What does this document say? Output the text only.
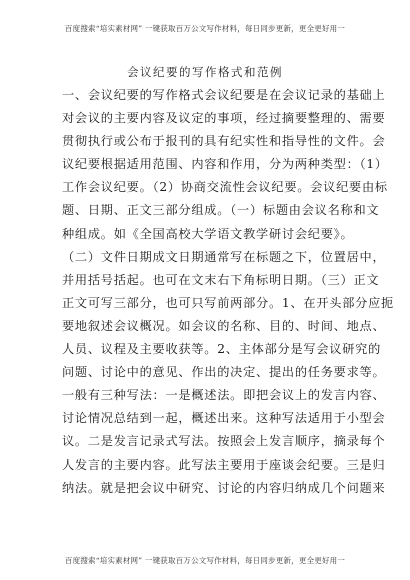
百度搜索“培实素材网” 一键获取百万公文写作材料，每日同步更新，更全更好用一
会议纪要的写作格式和范例
一、会议纪要的写作格式会议纪要是在会议记录的基础上
对会议的主要内容及议定的事项，经过摘要整理的、需要
贯彻执行或公布于报刊的具有纪实性和指导性的文件。会
议纪要根据适用范围、内容和作用，分为两种类型：（1）
工作会议纪要。（2）协商交流性会议纪要。会议纪要由标
题、日期、正文三部分组成。（一）标题由会议名称和文
种组成。如《全国高校大学语文教学研讨会纪要》。
（二）文件日期成文日期通常写在标题之下，位置居中，
并用括号括起。也可在文末右下角标明日期。（三）正文
正文可写三部分，也可只写前两部分。1、在开头部分应扼
要地叙述会议概况。如会议的名称、目的、时间、地点、
人员、议程及主要收获等。2、主体部分是写会议研究的
问题、讨论中的意见、作出的决定、提出的任务要求等。
一般有三种写法：一是概述法。即把会议上的发言内容、
讨论情况总结到一起，概述出来。这种写法适用于小型会
议。二是发言记录式写法。按照会上发言顺序，摘录每个
人发言的主要内容。此写法主要用于座谈会纪要。三是归
纳法。就是把会议中研究、讨论的内容归纳成几个问题来
百度搜索“培实素材网” 一键获取百万公文写作材料，每日同步更新，更全更好用一
